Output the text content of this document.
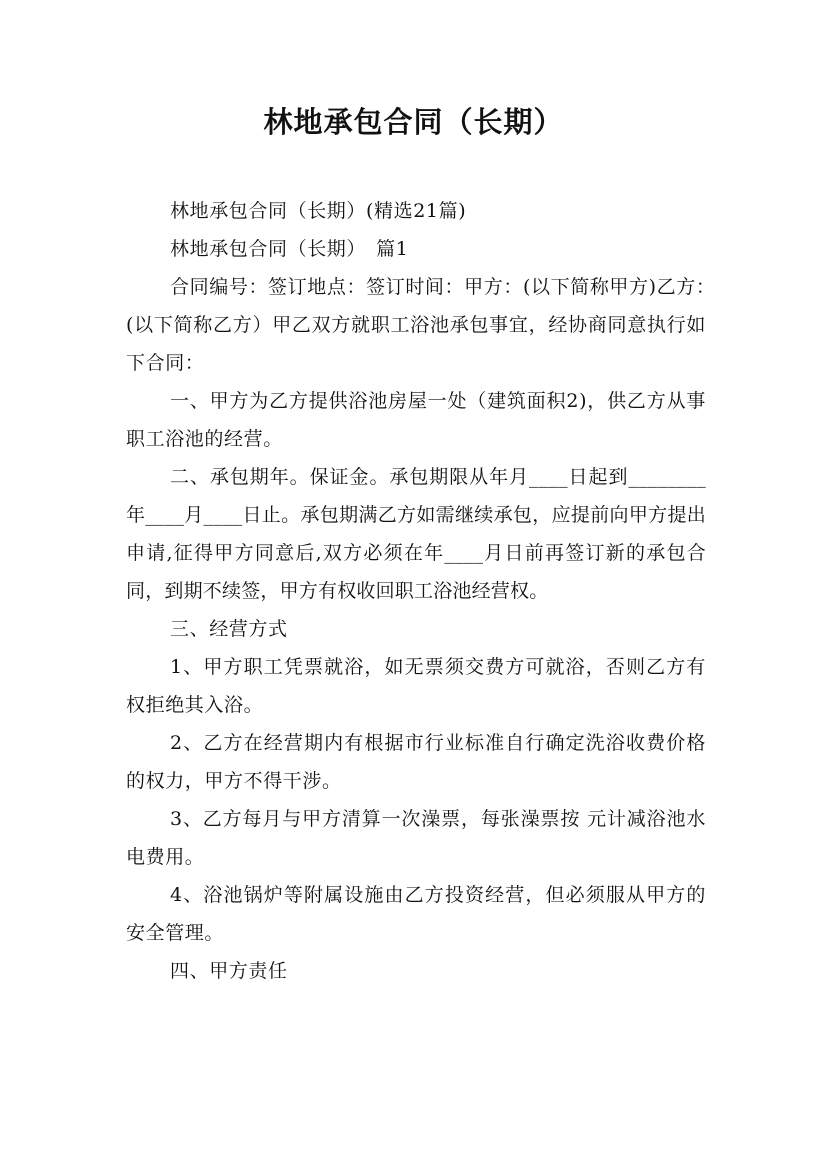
林地承包合同（长期）

林地承包合同（长期）(精选21篇)

林地承包合同（长期）　篇1

合同编号：签订地点：签订时间：甲方：(以下简称甲方)乙方：　(以下简称乙方）甲乙双方就职工浴池承包事宜，经协商同意执行如下合同：

一、甲方为乙方提供浴池房屋一处（建筑面积2)，供乙方从事职工浴池的经营。

二、承包期年。保证金。承包期限从年月____日起到________年____月____日止。承包期满乙方如需继续承包，应提前向甲方提出申请,征得甲方同意后,双方必须在年____月日前再签订新的承包合同，到期不续签，甲方有权收回职工浴池经营权。

三、经营方式

1、甲方职工凭票就浴，如无票须交费方可就浴，否则乙方有权拒绝其入浴。

2、乙方在经营期内有根据市行业标准自行确定洗浴收费价格的权力，甲方不得干涉。

3、乙方每月与甲方清算一次澡票，每张澡票按 元计减浴池水电费用。

4、浴池锅炉等附属设施由乙方投资经营，但必须服从甲方的安全管理。

四、甲方责任
